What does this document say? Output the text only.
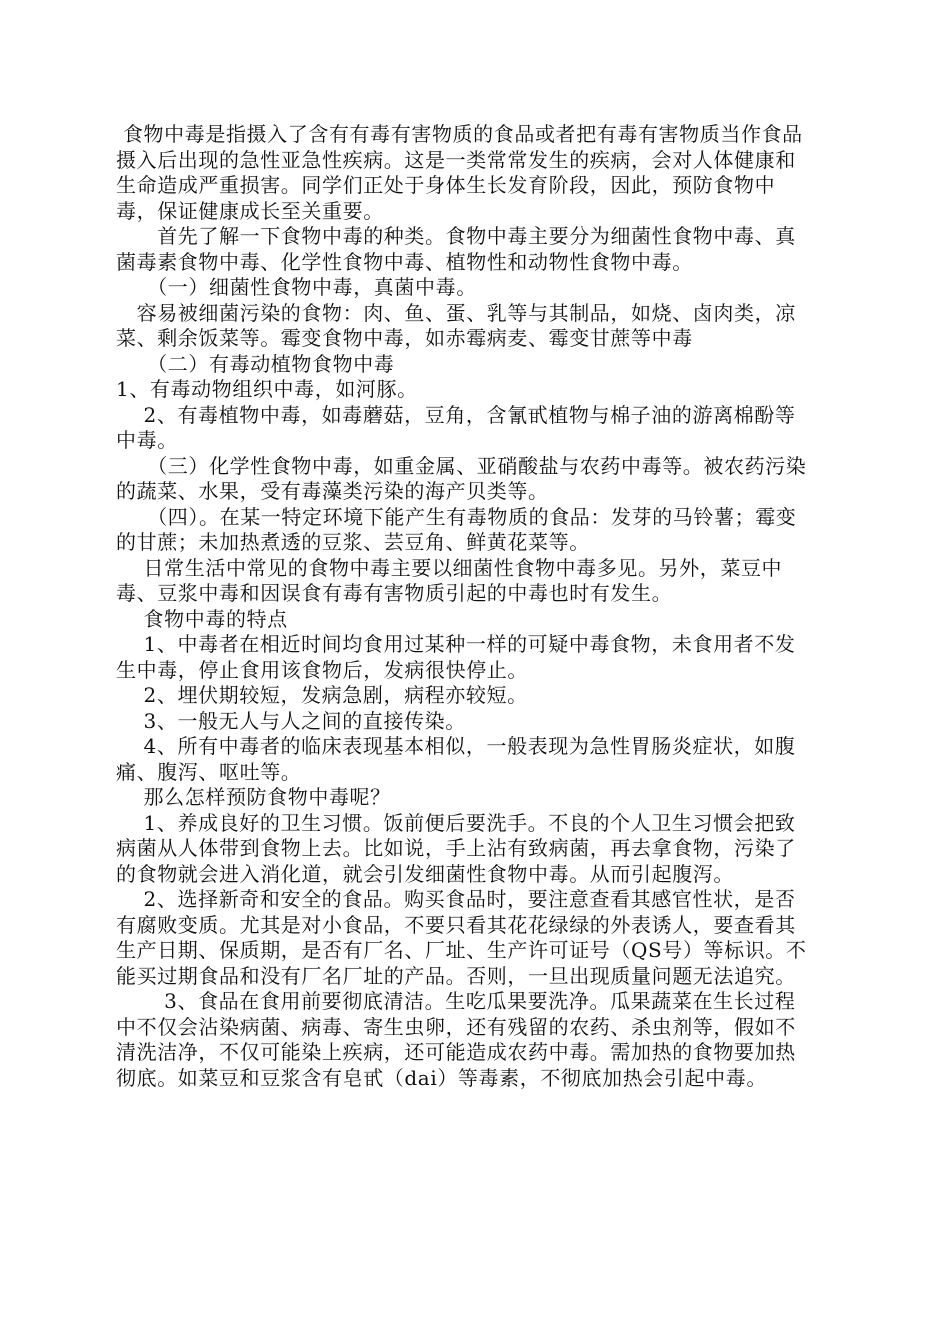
食物中毒是指摄入了含有有毒有害物质的食品或者把有毒有害物质当作食品摄入后出现的急性亚急性疾病。这是一类常常发生的疾病，会对人体健康和生命造成严重损害。同学们正处于身体生长发育阶段，因此，预防食物中毒，保证健康成长至关重要。

　　首先了解一下食物中毒的种类。食物中毒主要分为细菌性食物中毒、真菌毒素食物中毒、化学性食物中毒、植物性和动物性食物中毒。

　　（一）细菌性食物中毒，真菌中毒。

　容易被细菌污染的食物：肉、鱼、蛋、乳等与其制品，如烧、卤肉类，凉菜、剩余饭菜等。霉变食物中毒，如赤霉病麦、霉变甘蔗等中毒

　　（二）有毒动植物食物中毒

1、有毒动物组织中毒，如河豚。

　 2、有毒植物中毒，如毒蘑菇，豆角，含氰甙植物与棉子油的游离棉酚等中毒。

　　（三）化学性食物中毒，如重金属、亚硝酸盐与农药中毒等。被农药污染的蔬菜、水果，受有毒藻类污染的海产贝类等。

　　（四）。在某一特定环境下能产生有毒物质的食品：发芽的马铃薯；霉变的甘蔗；未加热煮透的豆浆、芸豆角、鲜黄花菜等。

　 日常生活中常见的食物中毒主要以细菌性食物中毒多见。另外，菜豆中毒、豆浆中毒和因误食有毒有害物质引起的中毒也时有发生。

　 食物中毒的特点

　 1、中毒者在相近时间均食用过某种一样的可疑中毒食物，未食用者不发生中毒，停止食用该食物后，发病很快停止。

　 2、埋伏期较短，发病急剧，病程亦较短。

　 3、一般无人与人之间的直接传染。

　 4、所有中毒者的临床表现基本相似，一般表现为急性胃肠炎症状，如腹痛、腹泻、呕吐等。

　 那么怎样预防食物中毒呢？

　 1、养成良好的卫生习惯。饭前便后要洗手。不良的个人卫生习惯会把致病菌从人体带到食物上去。比如说，手上沾有致病菌，再去拿食物，污染了的食物就会进入消化道，就会引发细菌性食物中毒。从而引起腹泻。

　 2、选择新奇和安全的食品。购买食品时，要注意查看其感官性状，是否有腐败变质。尤其是对小食品，不要只看其花花绿绿的外表诱人，要查看其生产日期、保质期，是否有厂名、厂址、生产许可证号（QS号）等标识。不能买过期食品和没有厂名厂址的产品。否则，一旦出现质量问题无法追究。

　　 3、食品在食用前要彻底清洁。生吃瓜果要洗净。瓜果蔬菜在生长过程中不仅会沾染病菌、病毒、寄生虫卵，还有残留的农药、杀虫剂等，假如不清洗洁净，不仅可能染上疾病，还可能造成农药中毒。需加热的食物要加热彻底。如菜豆和豆浆含有皂甙（dai）等毒素，不彻底加热会引起中毒。
